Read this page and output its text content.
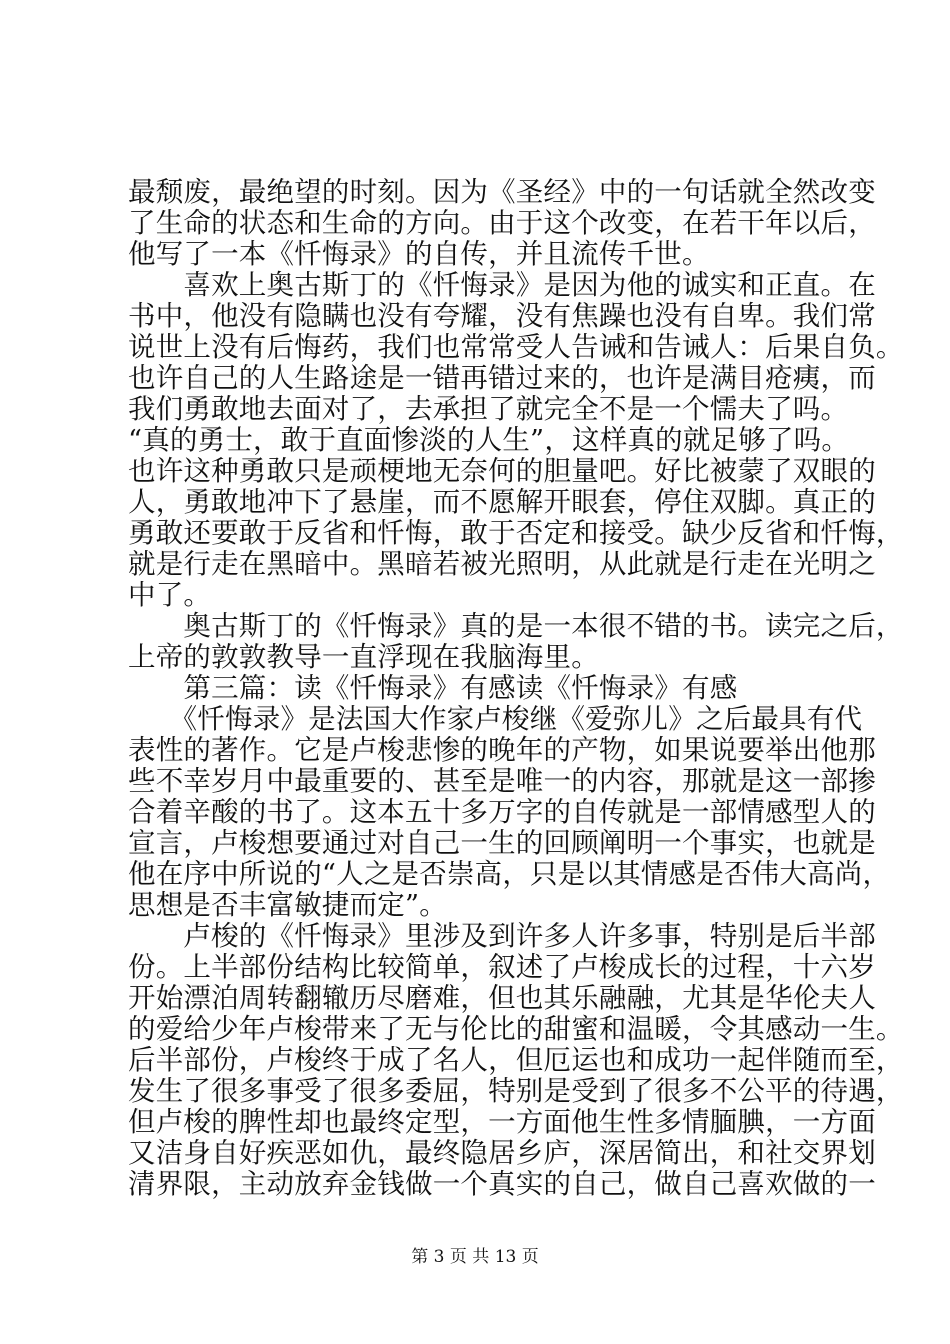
最颓废，最绝望的时刻。因为《圣经》中的一句话就全然改变
了生命的状态和生命的方向。由于这个改变，在若干年以后，
他写了一本《忏悔录》的自传，并且流传千世。
　　喜欢上奥古斯丁的《忏悔录》是因为他的诚实和正直。在
书中，他没有隐瞒也没有夸耀，没有焦躁也没有自卑。我们常
说世上没有后悔药，我们也常常受人告诫和告诫人：后果自负。
也许自己的人生路途是一错再错过来的，也许是满目疮痍，而
我们勇敢地去面对了，去承担了就完全不是一个懦夫了吗。
“真的勇士，敢于直面惨淡的人生”，这样真的就足够了吗。
也许这种勇敢只是顽梗地无奈何的胆量吧。好比被蒙了双眼的
人，勇敢地冲下了悬崖，而不愿解开眼套，停住双脚。真正的
勇敢还要敢于反省和忏悔，敢于否定和接受。缺少反省和忏悔，
就是行走在黑暗中。黑暗若被光照明，从此就是行走在光明之
中了。
　　奥古斯丁的《忏悔录》真的是一本很不错的书。读完之后，
上帝的敦敦教导一直浮现在我脑海里。
　　第三篇：读《忏悔录》有感读《忏悔录》有感
　　《忏悔录》是法国大作家卢梭继《爱弥儿》之后最具有代
表性的著作。它是卢梭悲惨的晚年的产物，如果说要举出他那
些不幸岁月中最重要的、甚至是唯一的内容，那就是这一部掺
合着辛酸的书了。这本五十多万字的自传就是一部情感型人的
宣言，卢梭想要通过对自己一生的回顾阐明一个事实，也就是
他在序中所说的“人之是否崇高，只是以其情感是否伟大高尚，
思想是否丰富敏捷而定”。
　　卢梭的《忏悔录》里涉及到许多人许多事，特别是后半部
份。上半部份结构比较简单，叙述了卢梭成长的过程，十六岁
开始漂泊周转翻辙历尽磨难，但也其乐融融，尤其是华伦夫人
的爱给少年卢梭带来了无与伦比的甜蜜和温暖，令其感动一生。
后半部份，卢梭终于成了名人，但厄运也和成功一起伴随而至，
发生了很多事受了很多委屈，特别是受到了很多不公平的待遇，
但卢梭的脾性却也最终定型，一方面他生性多情腼腆，一方面
又洁身自好疾恶如仇，最终隐居乡庐，深居简出，和社交界划
清界限，主动放弃金钱做一个真实的自己，做自己喜欢做的一
第 3 页 共 13 页
